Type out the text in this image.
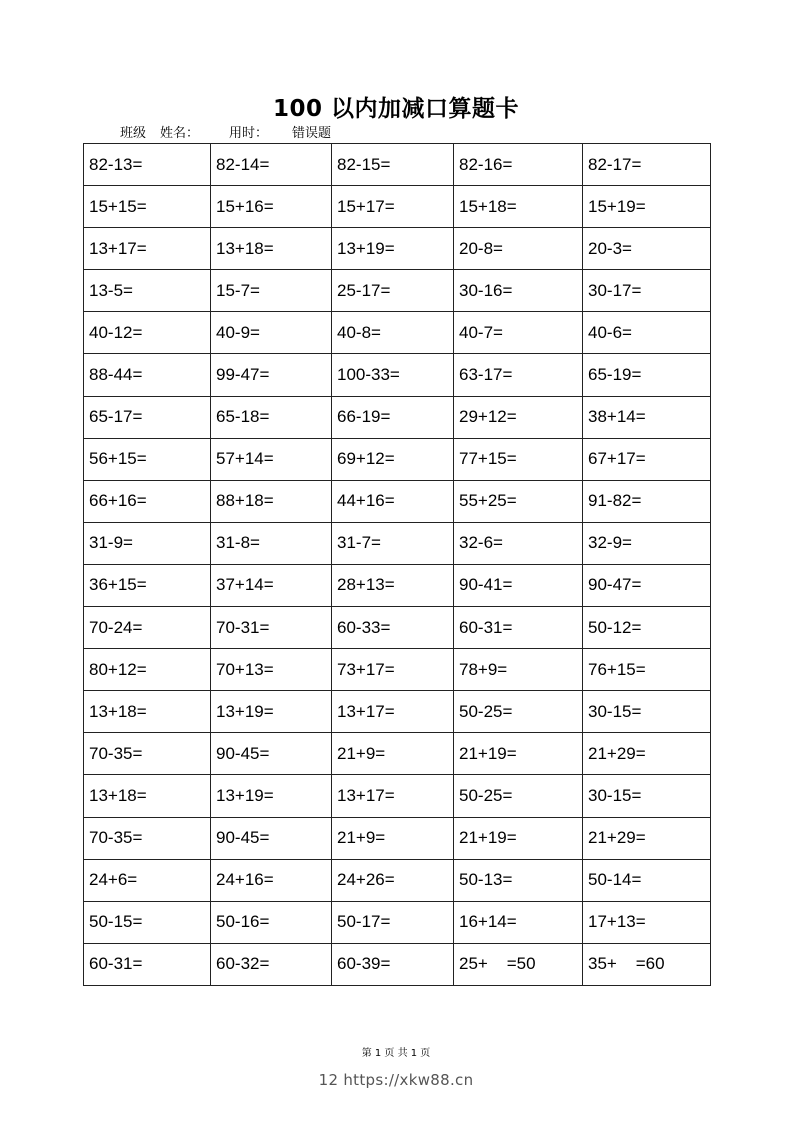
100 以内加减口算题卡
班级	姓名：	用时：	错误题
82-13=	82-14=	82-15=	82-16=	82-17=
15+15=	15+16=	15+17=	15+18=	15+19=
13+17=	13+18=	13+19=	20-8=	20-3=
13-5=	15-7=	25-17=	30-16=	30-17=
40-12=	40-9=	40-8=	40-7=	40-6=
88-44=	99-47=	100-33=	63-17=	65-19=
65-17=	65-18=	66-19=	29+12=	38+14=
56+15=	57+14=	69+12=	77+15=	67+17=
66+16=	88+18=	44+16=	55+25=	91-82=
31-9=	31-8=	31-7=	32-6=	32-9=
36+15=	37+14=	28+13=	90-41=	90-47=
70-24=	70-31=	60-33=	60-31=	50-12=
80+12=	70+13=	73+17=	78+9=	76+15=
13+18=	13+19=	13+17=	50-25=	30-15=
70-35=	90-45=	21+9=	21+19=	21+29=
13+18=	13+19=	13+17=	50-25=	30-15=
70-35=	90-45=	21+9=	21+19=	21+29=
24+6=	24+16=	24+26=	50-13=	50-14=
50-15=	50-16=	50-17=	16+14=	17+13=
60-31=	60-32=	60-39=	25+    =50	35+    =60
第 1 页 共 1 页
12 https://xkw88.cn
